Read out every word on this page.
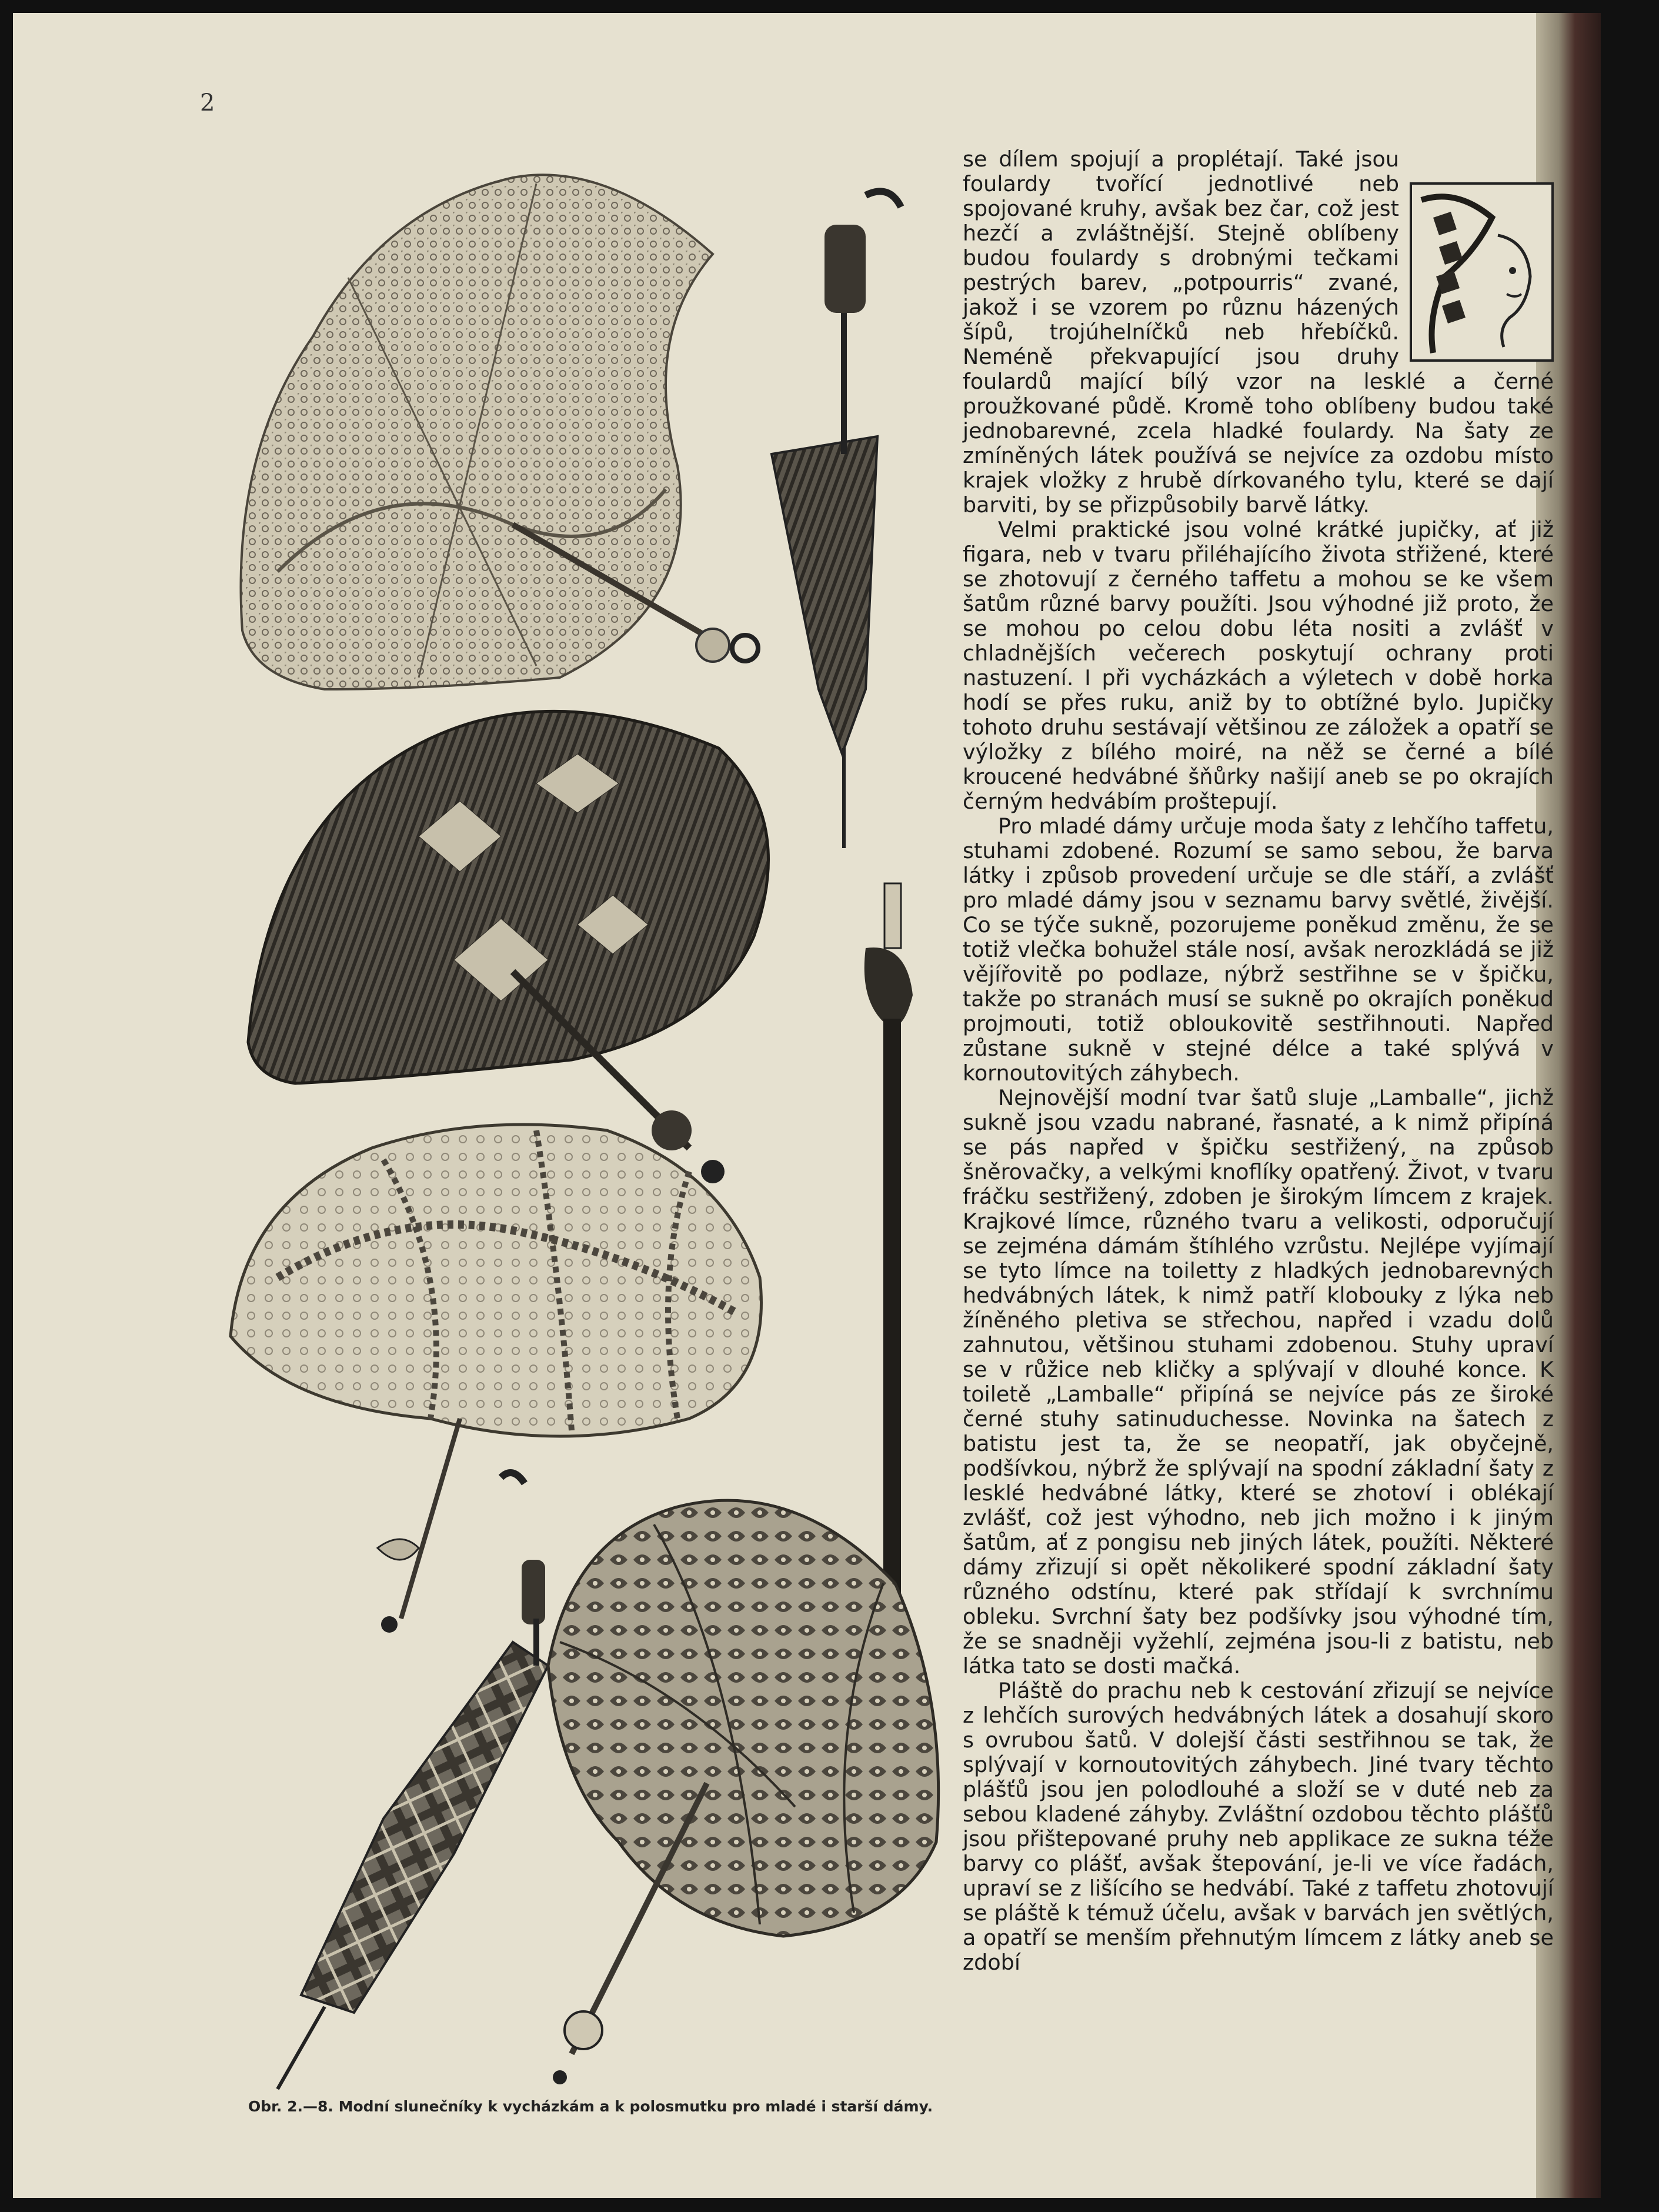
2
Obr. 2.—8. Modní slunečníky k vycházkám a k polosmutku pro mladé i starší dámy.

se dílem spojují a proplétají. Také jsou foulardy tvořící jednotlivé neb spojované kruhy, avšak bez čar, což jest hezčí a zvláštnější. Stejně oblíbeny budou foulardy s drobnými tečkami pestrých barev, „potpourris“ zvané, jakož i se vzorem po různu házených šípů, trojúhelníčků neb hřebíčků. Neméně překvapující jsou druhy foulardů mající bílý vzor na lesklé a černé proužkované půdě. Kromě toho oblíbeny budou také jednobarevné, zcela hladké foulardy. Na šaty ze zmíněných látek používá se nejvíce za ozdobu místo krajek vložky z hrubě dírkovaného tylu, které se dají barviti, by se přizpůsobily barvě látky.

Velmi praktické jsou volné krátké jupičky, ať již figara, neb v tvaru přiléhajícího života střižené, které se zhotovují z černého taffetu a mohou se ke všem šatům různé barvy použíti. Jsou výhodné již proto, že se mohou po celou dobu léta nositi a zvlášť v chladnějších večerech poskytují ochrany proti nastuzení. I při vycházkách a výletech v době horka hodí se přes ruku, aniž by to obtížné bylo. Jupičky tohoto druhu sestávají většinou ze záložek a opatří se výložky z bílého moiré, na něž se černé a bílé kroucené hedvábné šňůrky našijí aneb se po okrajích černým hedvábím proštepují.

Pro mladé dámy určuje moda šaty z lehčího taffetu, stuhami zdobené. Rozumí se samo sebou, že barva látky i způsob provedení určuje se dle stáří, a zvlášť pro mladé dámy jsou v seznamu barvy světlé, živější. Co se týče sukně, pozorujeme poněkud změnu, že se totiž vlečka bohužel stále nosí, avšak nerozkládá se již vějířovitě po podlaze, nýbrž sestřihne se v špičku, takže po stranách musí se sukně po okrajích poněkud projmouti, totiž obloukovitě sestřihnouti. Napřed zůstane sukně v stejné délce a také splývá v kornoutovitých záhybech.

Nejnovější modní tvar šatů sluje „Lamballe“, jichž sukně jsou vzadu nabrané, řasnaté, a k nimž připíná se pás napřed v špičku sestřižený, na způsob šněrovačky, a velkými knoflíky opatřený. Život, v tvaru fráčku sestřižený, zdoben je širokým límcem z krajek. Krajkové límce, různého tvaru a velikosti, odporučují se zejména dámám štíhlého vzrůstu. Nejlépe vyjímají se tyto límce na toiletty z hladkých jednobarevných hedvábných látek, k nimž patří klobouky z lýka neb žíněného pletiva se střechou, napřed i vzadu dolů zahnutou, většinou stuhami zdobenou. Stuhy upraví se v růžice neb kličky a splývají v dlouhé konce. K toiletě „Lamballe“ připíná se nejvíce pás ze široké černé stuhy satinuduchesse. Novinka na šatech z batistu jest ta, že se neopatří, jak obyčejně, podšívkou, nýbrž že splývají na spodní základní šaty z lesklé hedvábné látky, které se zhotoví i oblékají zvlášť, což jest výhodno, neb jich možno i k jiným šatům, ať z pongisu neb jiných látek, použíti. Některé dámy zřizují si opět několikeré spodní základní šaty různého odstínu, které pak střídají k svrchnímu obleku. Svrchní šaty bez podšívky jsou výhodné tím, že se snadněji vyžehlí, zejména jsou-li z batistu, neb látka tato se dosti mačká.

Pláště do prachu neb k cestování zřizují se nejvíce z lehčích surových hedvábných látek a dosahují skoro s ovrubou šatů. V dolejší části sestřihnou se tak, že splývají v kornoutovitých záhybech. Jiné tvary těchto plášťů jsou jen polodlouhé a složí se v duté neb za sebou kladené záhyby. Zvláštní ozdobou těchto plášťů jsou přištepované pruhy neb applikace ze sukna téže barvy co plášť, avšak štepování, je-li ve více řadách, upraví se z lišícího se hedvábí. Také z taffetu zhotovují se pláště k témuž účelu, avšak v barvách jen světlých, a opatří se menším přehnutým límcem z látky aneb se zdobí
